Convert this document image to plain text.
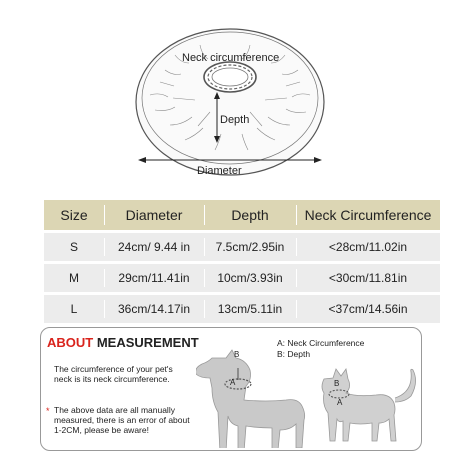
Neck circumference
Depth
Diameter
Size	Diameter	Depth	Neck Circumference
S	24cm/ 9.44 in	7.5cm/2.95in	<28cm/11.02in
M	29cm/11.41in	10cm/3.93in	<30cm/11.81in
L	36cm/14.17in	13cm/5.11in	<37cm/14.56in
ABOUT MEASUREMENT
The circumference of your pet's
neck is its neck circumference.
* The above data are all manually
measured, there is an error of about
1-2CM, please be aware!
A: Neck Circumference
B: Depth
B
A	B
A
